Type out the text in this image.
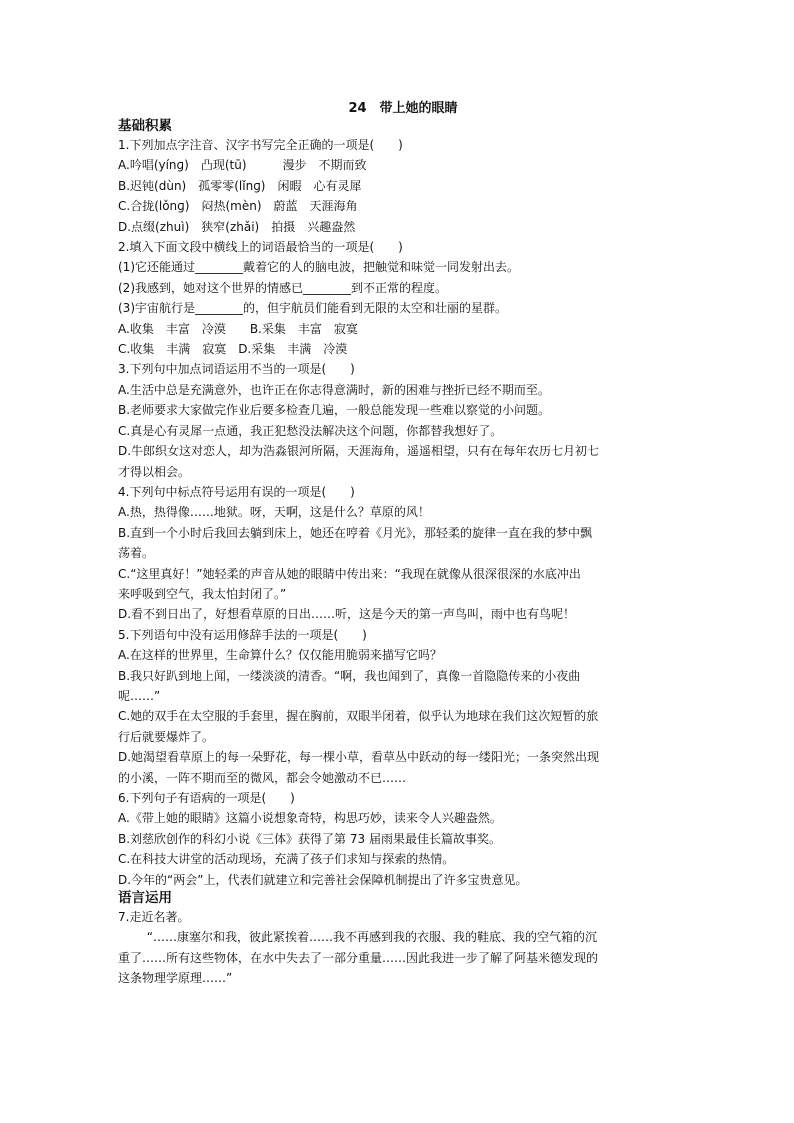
24　带上她的眼睛

基础积累

1.下列加点字注音、汉字书写完全正确的一项是(　　)

A.吟唱(yínɡ)　凸现(tū)　　　漫步　不期而致

B.迟钝(dùn)　孤零零(lǐnɡ)　闲暇　心有灵犀

C.合拢(lǒnɡ)　闷热(mèn)　蔚蓝　天涯海角

D.点缀(zhuì)　狭窄(zhǎi)　拍摄　兴趣盎然

2.填入下面文段中横线上的词语最恰当的一项是(　　)

(1)它还能通过________戴着它的人的脑电波，把触觉和味觉一同发射出去。

(2)我感到，她对这个世界的情感已________到不正常的程度。

(3)宇宙航行是________的，但宇航员们能看到无限的太空和壮丽的星群。

A.收集　丰富　冷漠　　B.采集　丰富　寂寞

C.收集　丰满　寂寞　D.采集　丰满　冷漠

3.下列句中加点词语运用不当的一项是(　　)

A.生活中总是充满意外，也许正在你志得意满时，新的困难与挫折已经不期而至。

B.老师要求大家做完作业后要多检查几遍，一般总能发现一些难以察觉的小问题。

C.真是心有灵犀一点通，我正犯愁没法解决这个问题，你都替我想好了。

D.牛郎织女这对恋人，却为浩淼银河所隔，天涯海角，遥遥相望，只有在每年农历七月初七

才得以相会。

4.下列句中标点符号运用有误的一项是(　　)

A.热，热得像……地狱。呀，天啊，这是什么？草原的风！

B.直到一个小时后我回去躺到床上，她还在哼着《月光》，那轻柔的旋律一直在我的梦中飘

荡着。

C.“这里真好！”她轻柔的声音从她的眼睛中传出来：“我现在就像从很深很深的水底冲出

来呼吸到空气，我太怕封闭了。”

D.看不到日出了，好想看草原的日出……听，这是今天的第一声鸟叫，雨中也有鸟呢！

5.下列语句中没有运用修辞手法的一项是(　　)

A.在这样的世界里，生命算什么？仅仅能用脆弱来描写它吗？

B.我只好趴到地上闻，一缕淡淡的清香。“啊，我也闻到了，真像一首隐隐传来的小夜曲

呢……”

C.她的双手在太空服的手套里，握在胸前，双眼半闭着，似乎认为地球在我们这次短暂的旅

行后就要爆炸了。

D.她渴望看草原上的每一朵野花，每一棵小草，看草丛中跃动的每一缕阳光；一条突然出现

的小溪，一阵不期而至的微风，都会令她激动不已……

6.下列句子有语病的一项是(　　)

A.《带上她的眼睛》这篇小说想象奇特，构思巧妙，读来令人兴趣盎然。

B.刘慈欣创作的科幻小说《三体》获得了第 73 届雨果最佳长篇故事奖。

C.在科技大讲堂的活动现场，充满了孩子们求知与探索的热情。

D.今年的“两会”上，代表们就建立和完善社会保障机制提出了许多宝贵意见。

语言运用

7.走近名著。

“……康塞尔和我，彼此紧挨着……我不再感到我的衣服、我的鞋底、我的空气箱的沉

重了……所有这些物体，在水中失去了一部分重量……因此我进一步了解了阿基米德发现的

这条物理学原理……”
